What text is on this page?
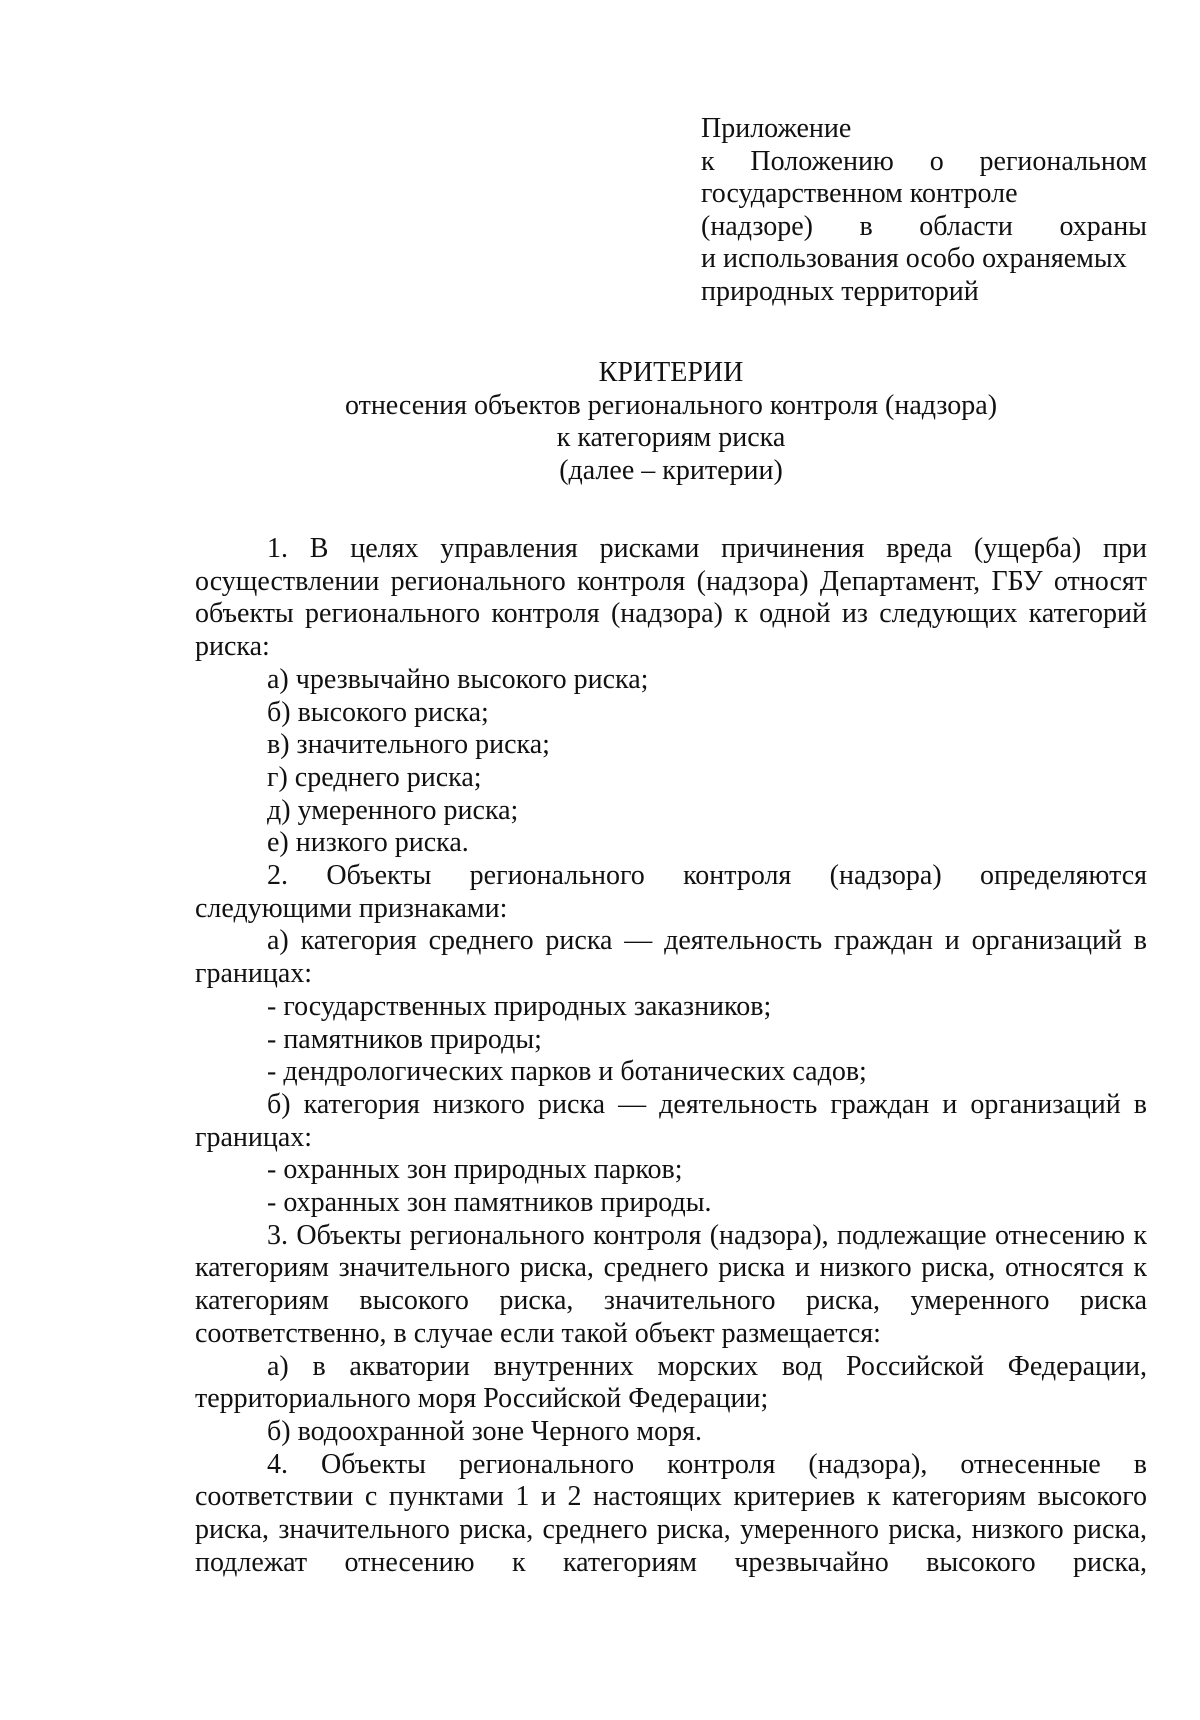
Приложение
к Положению о региональном
государственном контроле
(надзоре) в области охраны
и использования особо охраняемых
природных территорий
КРИТЕРИИ
отнесения объектов регионального контроля (надзора)
к категориям риска
(далее – критерии)
1. В целях управления рисками причинения вреда (ущерба) при осуществлении регионального контроля (надзора) Департамент, ГБУ относят объекты регионального контроля (надзора) к одной из следующих категорий риска:
а) чрезвычайно высокого риска;
б) высокого риска;
в) значительного риска;
г) среднего риска;
д) умеренного риска;
е) низкого риска.
2. Объекты регионального контроля (надзора) определяются следующими признаками:
а) категория среднего риска — деятельность граждан и организаций в границах:
- государственных природных заказников;
- памятников природы;
- дендрологических парков и ботанических садов;
б) категория низкого риска — деятельность граждан и организаций в границах:
- охранных зон природных парков;
- охранных зон памятников природы.
3. Объекты регионального контроля (надзора), подлежащие отнесению к категориям значительного риска, среднего риска и низкого риска, относятся к категориям высокого риска, значительного риска, умеренного риска соответственно, в случае если такой объект размещается:
а) в акватории внутренних морских вод Российской Федерации, территориального моря Российской Федерации;
б) водоохранной зоне Черного моря.
4. Объекты регионального контроля (надзора), отнесенные в соответствии с пунктами 1 и 2 настоящих критериев к категориям высокого риска, значительного риска, среднего риска, умеренного риска, низкого риска, подлежат отнесению к категориям чрезвычайно высокого риска,
